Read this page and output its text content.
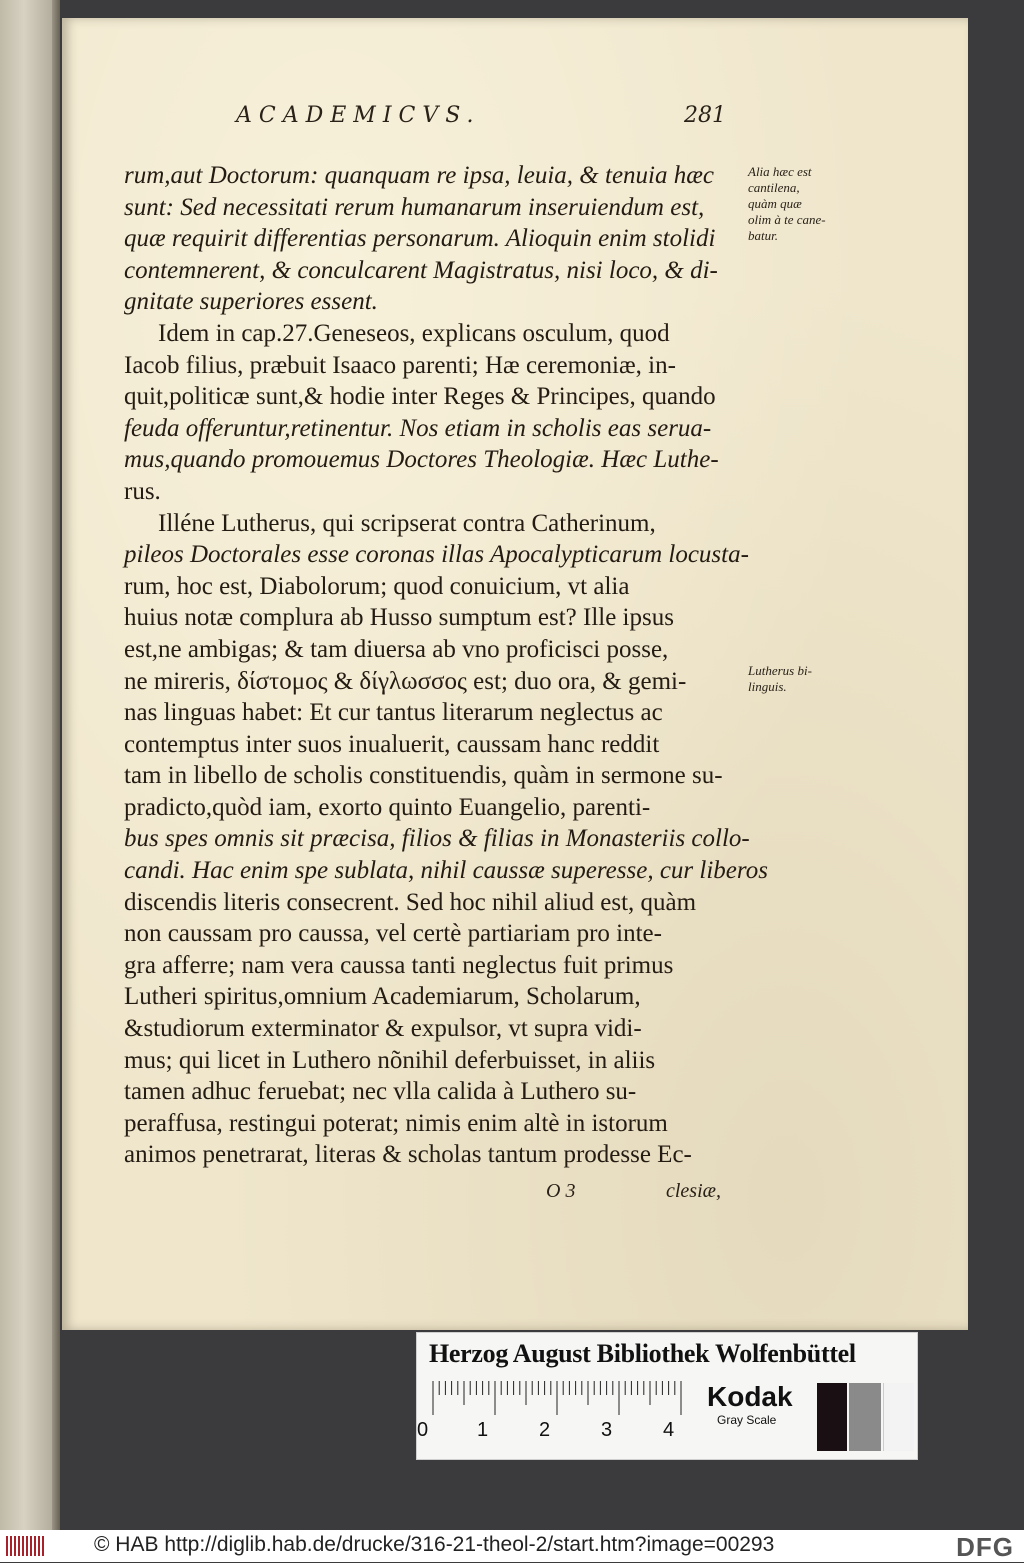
ACADEMICVS.	281
rum,aut Doctorum: quanquam re ipsa, leuia, & tenuia hæc
sunt: Sed necessitati rerum humanarum inseruiendum est,
quæ requirit differentias personarum. Alioquin enim stolidi
contemnerent, & conculcarent Magistratus, nisi loco, & di-
gnitate superiores essent.
Idem in cap.27.Geneseos, explicans osculum, quod
Iacob filius, præbuit Isaaco parenti; Hæ ceremoniæ, in-
quit,politicæ sunt,& hodie inter Reges & Principes, quando
feuda offeruntur,retinentur. Nos etiam in scholis eas serua-
mus,quando promouemus Doctores Theologiæ. Hæc Luthe-
rus.
Illéne Lutherus, qui scripserat contra Catherinum,
pileos Doctorales esse coronas illas Apocalypticarum locusta-
rum, hoc est, Diabolorum; quod conuicium, vt alia
huius notæ complura ab Husso sumptum est? Ille ipsus
est,ne ambigas; & tam diuersa ab vno proficisci posse,
ne mireris, δίστομος & δίγλωσσος est; duo ora, & gemi-
nas linguas habet: Et cur tantus literarum neglectus ac
contemptus inter suos inualuerit, caussam hanc reddit
tam in libello de scholis constituendis, quàm in sermone su-
pradicto,quòd iam, exorto quinto Euangelio, parenti-
bus spes omnis sit præcisa, filios & filias in Monasteriis collo-
candi. Hac enim spe sublata, nihil caussæ superesse, cur liberos
discendis literis consecrent. Sed hoc nihil aliud est, quàm
non caussam pro caussa, vel certè partiariam pro inte-
gra afferre; nam vera caussa tanti neglectus fuit primus
Lutheri spiritus,omnium Academiarum, Scholarum,
&studiorum exterminator & expulsor, vt supra vidi-
mus; qui licet in Luthero nõnihil deferbuisset, in aliis
tamen adhuc feruebat; nec vlla calida à Luthero su-
peraffusa, restingui poterat; nimis enim altè in istorum
animos penetrarat, literas & scholas tantum prodesse Ec-
Alia hæc est
cantilena,
quàm quæ
olim à te cane-
batur.
Lutherus bi-
linguis.
O 3	clesiæ,
Herzog August Bibliothek Wolfenbüttel
0 1	2	3	4
Kodak
Gray Scale
© HAB http://diglib.hab.de/drucke/316-21-theol-2/start.htm?image=00293	DFG
